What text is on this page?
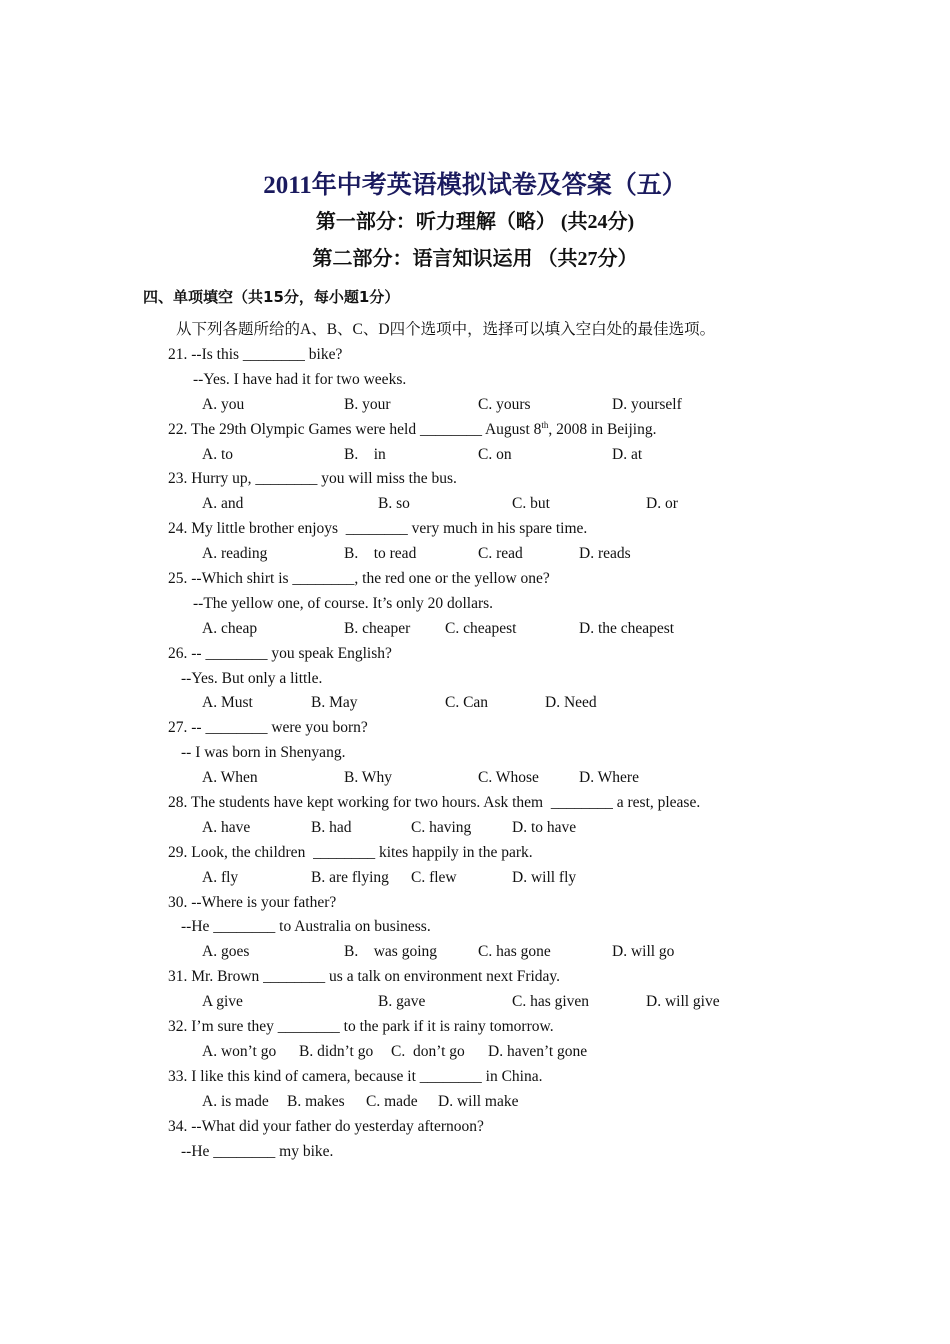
2011年中考英语模拟试卷及答案（五）
第一部分：听力理解（略） (共24分)
第二部分：语言知识运用 （共27分）
四、单项填空（共15分，每小题1分）
从下列各题所给的A、B、C、D四个选项中，选择可以填入空白处的最佳选项。
21. --Is this ________ bike?
--Yes. I have had it for two weeks.

A. you

	B. your

	C. yours

	D. yourself

22. The 29th Olympic Games were held ________ August 8th, 2008 in Beijing.

A. to

	B.    in

	C. on

	D. at

23. Hurry up, ________ you will miss the bus.

A. and

	B. so

	C. but

	D. or

24. My little brother enjoys  ________ very much in his spare time.

A. reading

	B.    to read

	C. read

	D. reads

25. --Which shirt is ________, the red one or the yellow one?
--The yellow one, of course. It’s only 20 dollars.

A. cheap

	B. cheaper

C. cheapest

	D. the cheapest

26. -- ________ you speak English?
--Yes. But only a little.

A. Must

	B. May

	C. Can

	D. Need

27. -- ________ were you born?
-- I was born in Shenyang.

A. When

	B. Why

	C. Whose

	D. Where

28. The students have kept working for two hours. Ask them  ________ a rest, please.

A. have

	B. had

	C. having

	D. to have

29. Look, the children  ________ kites happily in the park.

A. fly

	B. are flying

C. flew

	D. will fly

30. --Where is your father?
--He ________ to Australia on business.

A. goes

	B.    was going

	C. has gone

	D. will go

31. Mr. Brown ________ us a talk on environment next Friday.

A give

	B. gave

	C. has given

	D. will give

32. I’m sure they ________ to the park if it is rainy tomorrow.

A. won’t go

B. didn’t go

C.  don’t go

D. haven’t gone

33. I like this kind of camera, because it ________ in China.

A. is made

B. makes

C. made

D. will make

34. --What did your father do yesterday afternoon?
--He ________ my bike.
